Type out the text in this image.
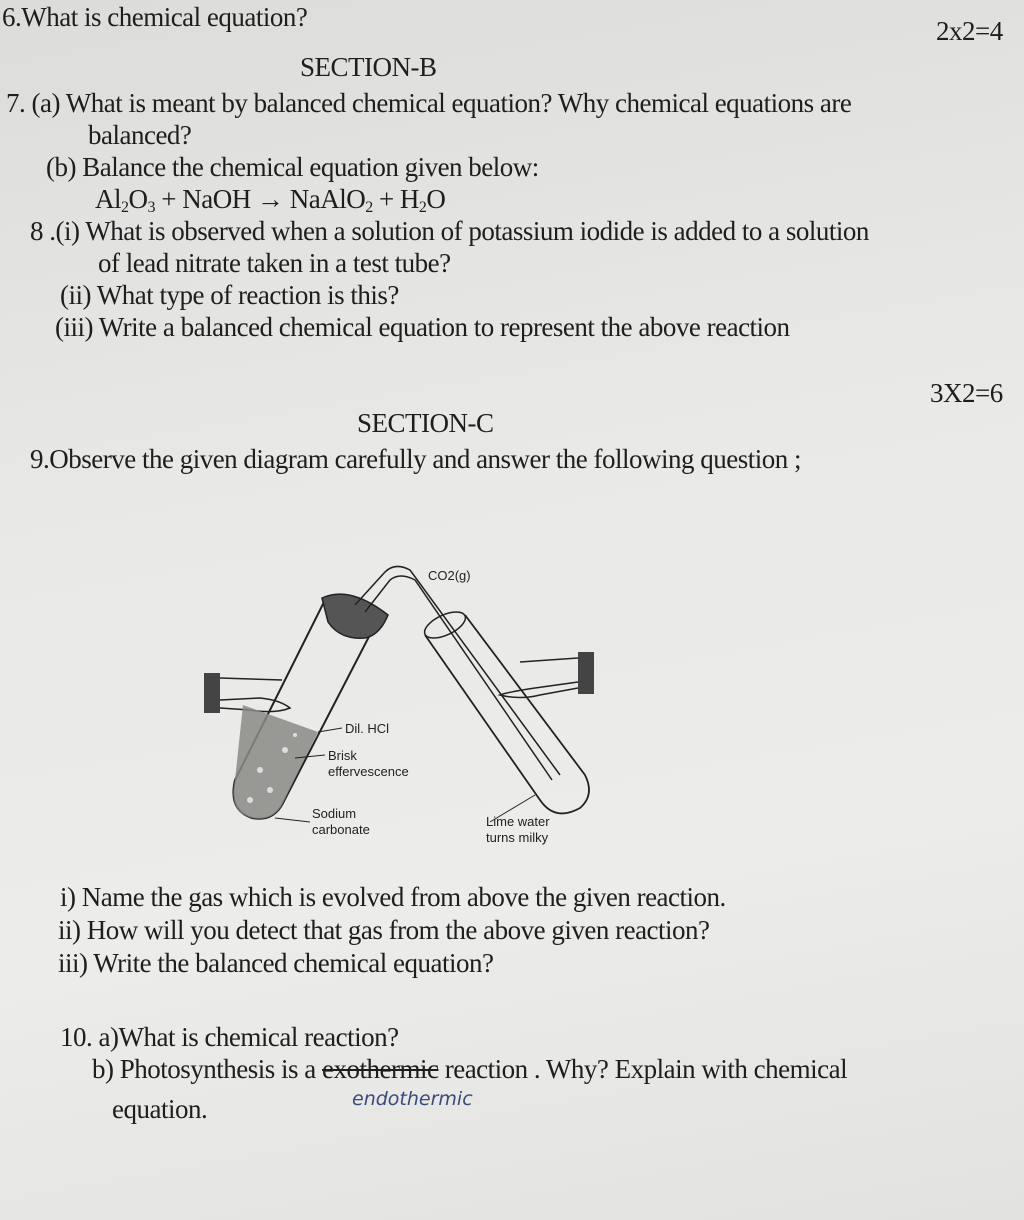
6.What is chemical equation?	2x2=4
SECTION-B
7. (a) What is meant by balanced chemical equation? Why chemical equations are
balanced?
(b) Balance the chemical equation given below:
$Al_2O_3$ + NaOH → NaAlO$_2$ + $H_2O$
8 .(i) What is observed when a solution of potassium iodide is added to a solution
of lead nitrate taken in a test tube?
(ii) What type of reaction is this?
(iii) Write a balanced chemical equation to represent the above reaction
3X2=6
SECTION-C
9.Observe the given diagram carefully and answer the following question ;
CO2(g)
Dil. HCl
Brisk
effervescence
Sodium
carbonate
Lime water
turns milky
i) Name the gas which is evolved from above the given reaction.
ii) How will you detect that gas from the above given reaction?
iii) Write the balanced chemical equation?
10. a)What is chemical reaction?
b) Photosynthesis is a exothermic reaction . Why? Explain with chemical
endothermic
equation.
